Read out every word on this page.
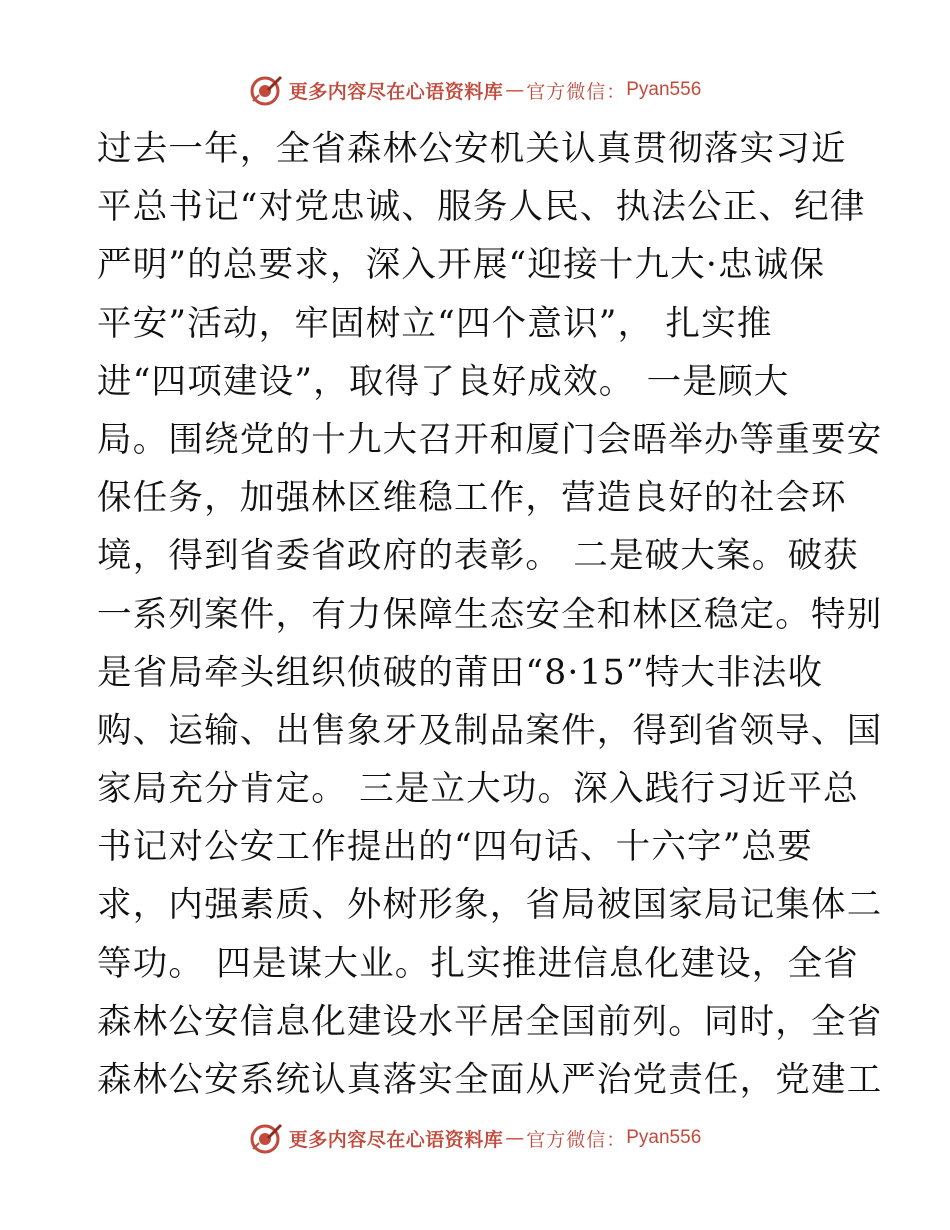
更多内容尽在心语资料库 — 官方微信： Pyan556
过去一年，全省森林公安机关认真贯彻落实习近
平总书记“对党忠诚、服务人民、执法公正、纪律
严明”的总要求，深入开展“迎接十九大·忠诚保
平安”活动，牢固树立“四个意识”， 扎实推
进“四项建设”，取得了良好成效。 一是顾大
局。围绕党的十九大召开和厦门会晤举办等重要安
保任务，加强林区维稳工作，营造良好的社会环
境，得到省委省政府的表彰。 二是破大案。破获
一系列案件，有力保障生态安全和林区稳定。特别
是省局牵头组织侦破的莆田“8·15”特大非法收
购、运输、出售象牙及制品案件，得到省领导、国
家局充分肯定。 三是立大功。深入践行习近平总
书记对公安工作提出的“四句话、十六字”总要
求，内强素质、外树形象，省局被国家局记集体二
等功。 四是谋大业。扎实推进信息化建设，全省
森林公安信息化建设水平居全国前列。同时，全省
森林公安系统认真落实全面从严治党责任，党建工
更多内容尽在心语资料库 — 官方微信： Pyan556
